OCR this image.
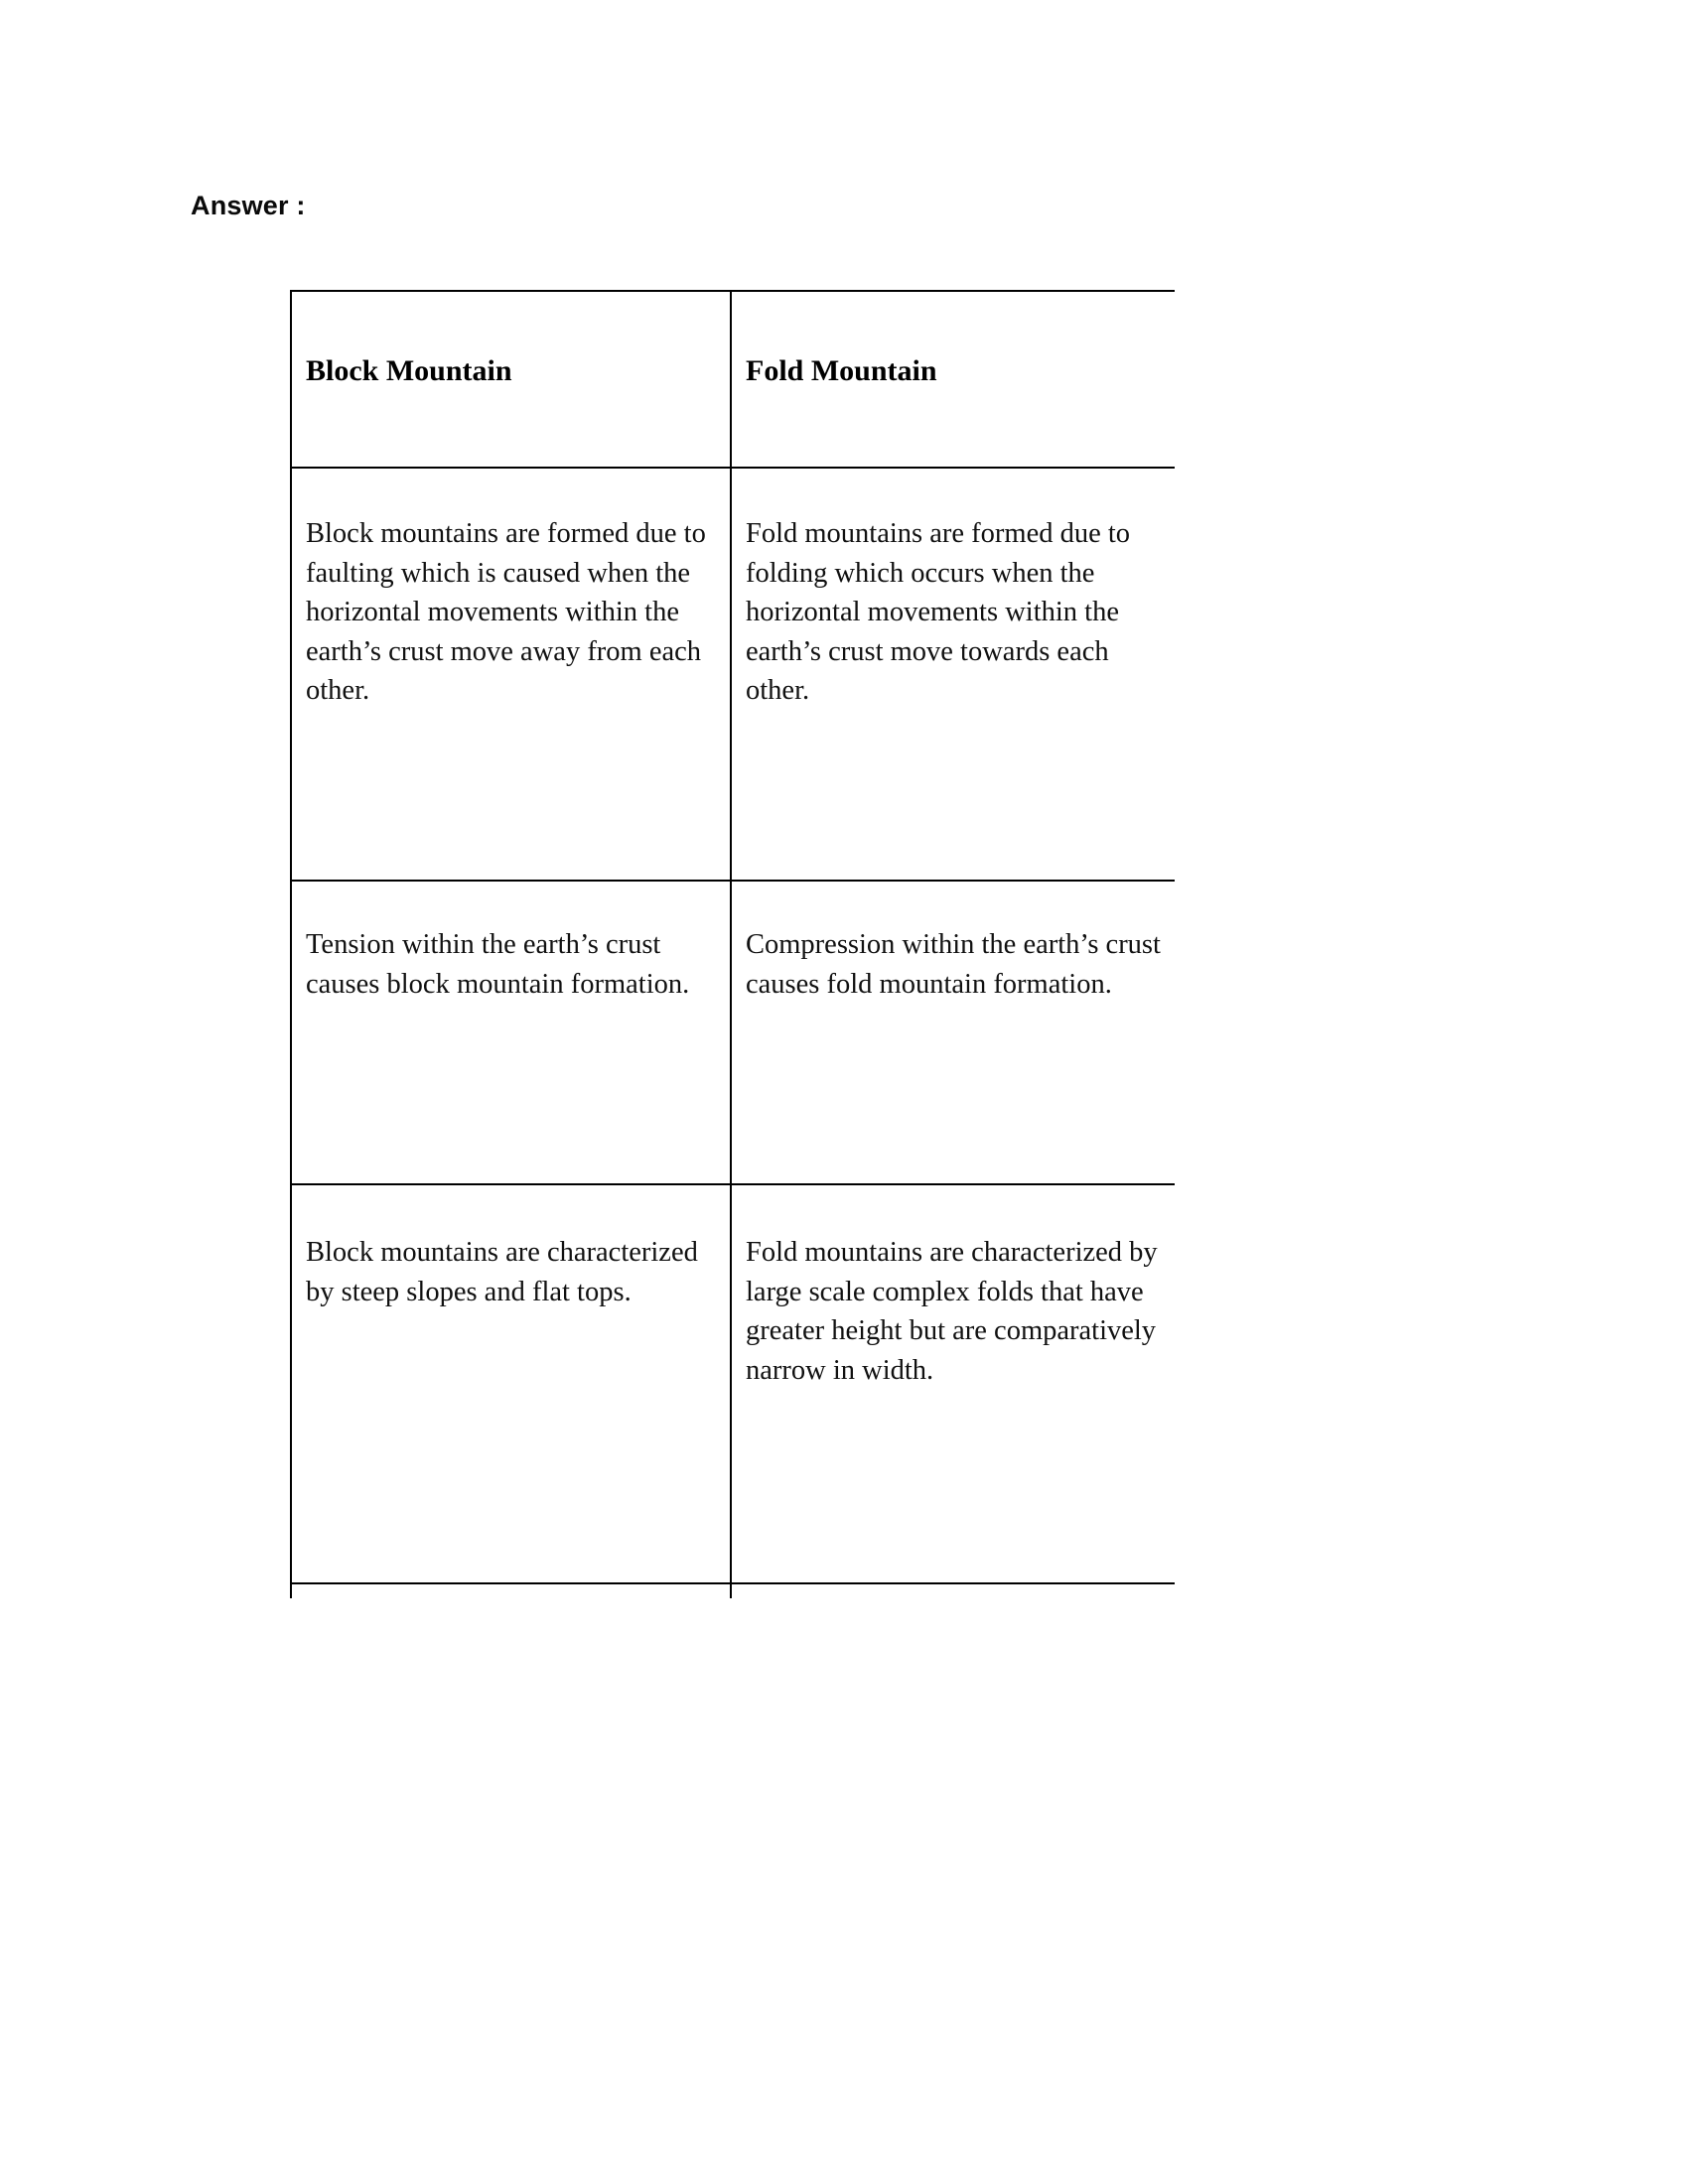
Answer :
Block Mountain	Fold Mountain

Block mountains are formed due to faulting which is caused when the horizontal movements within the earth’s crust move away from each other.	Fold mountains are formed due to folding which occurs when the horizontal movements within the earth’s crust move towards each other.

Tension within the earth’s crust causes block mountain formation.	Compression within the earth’s crust causes fold mountain formation.

Block mountains are characterized by steep slopes and flat tops.	Fold mountains are characterized by large scale complex folds that have greater height but are comparatively narrow in width.
